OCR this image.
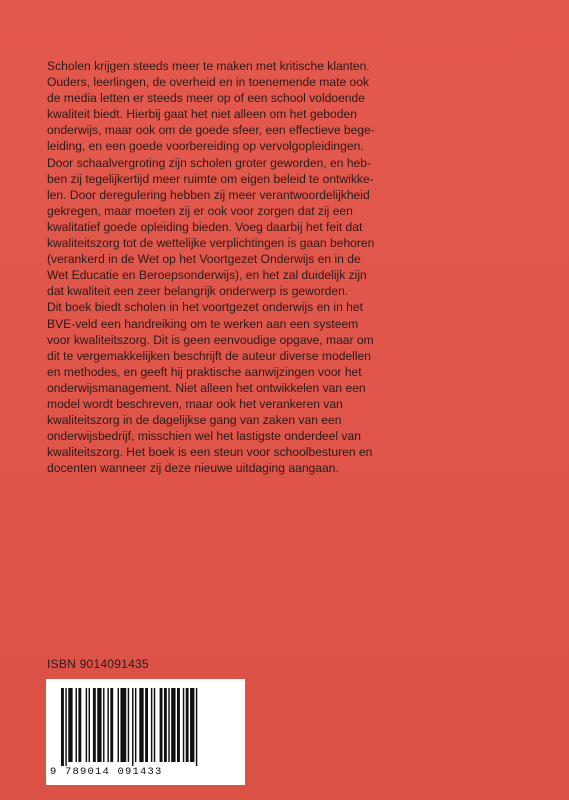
Scholen krijgen steeds meer te maken met kritische klanten.
Ouders, leerlingen, de overheid en in toenemende mate ook
de media letten er steeds meer op of een school voldoende
kwaliteit biedt. Hierbij gaat het niet alleen om het geboden
onderwijs, maar ook om de goede sfeer, een effectieve bege-
leiding, en een goede voorbereiding op vervolgopleidingen.
Door schaalvergroting zijn scholen groter geworden, en heb-
ben zij tegelijkertijd meer ruimte om eigen beleid te ontwikke-
len. Door deregulering hebben zij meer verantwoordelijkheid
gekregen, maar moeten zij er ook voor zorgen dat zij een
kwalitatief goede opleiding bieden. Voeg daarbij het feit dat
kwaliteitszorg tot de wettelijke verplichtingen is gaan behoren
(verankerd in de Wet op het Voortgezet Onderwijs en in de
Wet Educatie en Beroepsonderwijs), en het zal duidelijk zijn
dat kwaliteit een zeer belangrijk onderwerp is geworden.
Dit boek biedt scholen in het voortgezet onderwijs en in het
BVE-veld een handreiking om te werken aan een systeem
voor kwaliteitszorg. Dit is geen eenvoudige opgave, maar om
dit te vergemakkelijken beschrijft de auteur diverse modellen
en methodes, en geeft hij praktische aanwijzingen voor het
onderwijsmanagement. Niet alleen het ontwikkelen van een
model wordt beschreven, maar ook het verankeren van
kwaliteitszorg in de dagelijkse gang van zaken van een
onderwijsbedrijf, misschien wel het lastigste onderdeel van
kwaliteitszorg. Het boek is een steun voor schoolbesturen en
docenten wanneer zij deze nieuwe uitdaging aangaan.
ISBN 9014091435
9 789014 091433
